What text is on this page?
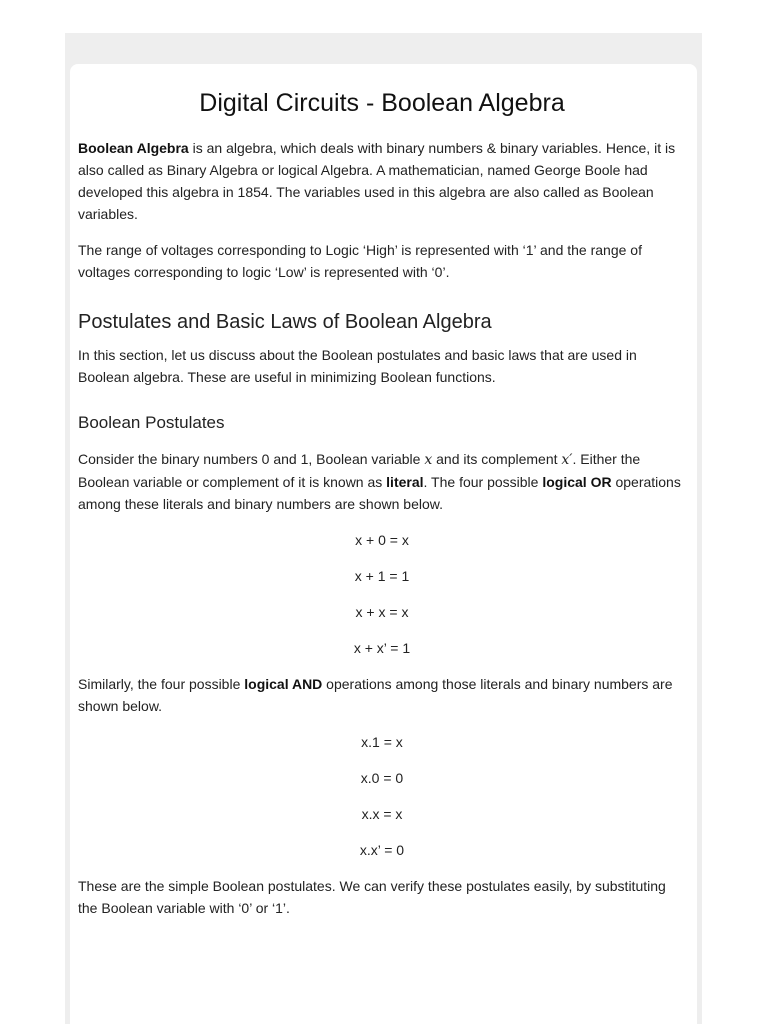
Digital Circuits - Boolean Algebra

Boolean Algebra is an algebra, which deals with binary numbers & binary variables. Hence, it is also called as Binary Algebra or logical Algebra. A mathematician, named George Boole had developed this algebra in 1854. The variables used in this algebra are also called as Boolean variables.

The range of voltages corresponding to Logic ‘High’ is represented with ‘1’ and the range of voltages corresponding to logic ‘Low’ is represented with ‘0’.

Postulates and Basic Laws of Boolean Algebra

In this section, let us discuss about the Boolean postulates and basic laws that are used in Boolean algebra. These are useful in minimizing Boolean functions.

Boolean Postulates

Consider the binary numbers 0 and 1, Boolean variable x and its complement x′. Either the Boolean variable or complement of it is known as literal. The four possible logical OR operations among these literals and binary numbers are shown below.

x + 0 = x
x + 1 = 1
x + x = x
x + x’ = 1

Similarly, the four possible logical AND operations among those literals and binary numbers are shown below.

x.1 = x
x.0 = 0
x.x = x
x.x’ = 0

These are the simple Boolean postulates. We can verify these postulates easily, by substituting the Boolean variable with ‘0’ or ‘1’.
